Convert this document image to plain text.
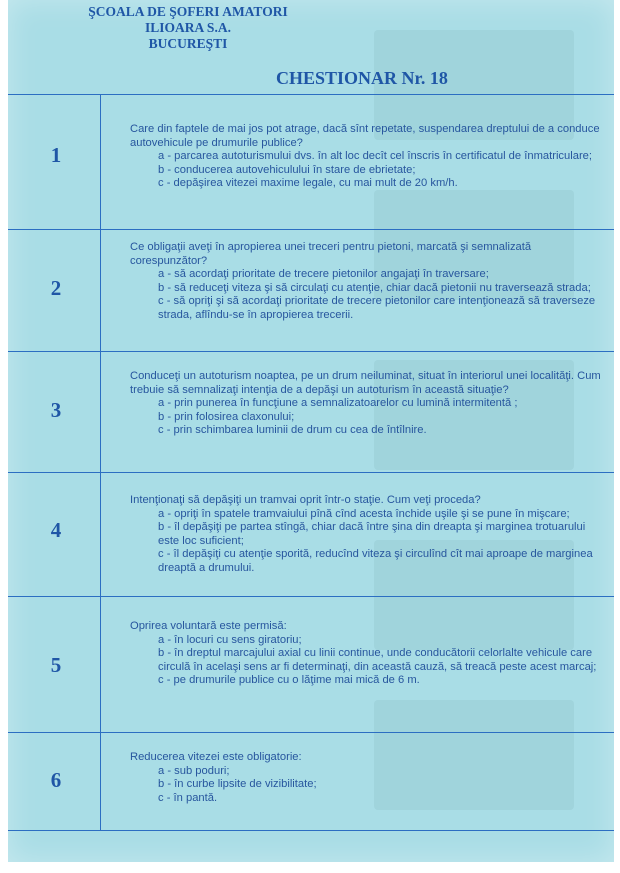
ŞCOALA DE ŞOFERI AMATORI
ILIOARA S.A.
BUCUREŞTI
CHESTIONAR Nr. 18
1

Care din faptele de mai jos pot atrage, dacă sînt repetate, suspendarea dreptului de a conduce autovehicule pe drumurile publice?

a - parcarea autoturismului dvs. în alt loc decît cel înscris în certificatul de înmatriculare;

b - conducerea autovehiculului în stare de ebrietate;

c - depăşirea vitezei maxime legale, cu mai mult de 20 km/h.

2

Ce obligaţii aveţi în apropierea unei treceri pentru pietoni, marcată şi semnalizată corespunzător?

a - să acordaţi prioritate de trecere pietonilor angajaţi în traversare;

b - să reduceţi viteza şi să circulaţi cu atenţie, chiar dacă pietonii nu traversează strada;

c - să opriţi şi să acordaţi prioritate de trecere pietonilor care intenţionează să traverseze strada, aflîndu-se în apropierea trecerii.

3

Conduceţi un autoturism noaptea, pe un drum neiluminat, situat în interiorul unei localităţi. Cum trebuie să semnalizaţi intenţia de a depăşi un autoturism în această situaţie?

a - prin punerea în funcţiune a semnalizatoarelor cu lumină intermitentă ;

b - prin folosirea claxonului;

c - prin schimbarea luminii de drum cu cea de întîlnire.

4

Intenţionaţi să depăşiţi un tramvai oprit într-o staţie. Cum veţi proceda?

a - opriţi în spatele tramvaiului pînă cînd acesta închide uşile şi se pune în mişcare;

b - îl depăşiţi pe partea stîngă, chiar dacă între şina din dreapta şi marginea trotuarului este loc suficient;

c - îl depăşiţi cu atenţie sporită, reducînd viteza şi circulînd cît mai aproape de marginea dreaptă a drumului.

5

Oprirea voluntară este permisă:

a - în locuri cu sens giratoriu;

b - în dreptul marcajului axial cu linii continue, unde conducătorii celorlalte vehicule care circulă în acelaşi sens ar fi determinaţi, din această cauză, să treacă peste acest marcaj;

c - pe drumurile publice cu o lăţime mai mică de 6 m.

6

Reducerea vitezei este obligatorie:

a - sub poduri;

b - în curbe lipsite de vizibilitate;

c - în pantă.
